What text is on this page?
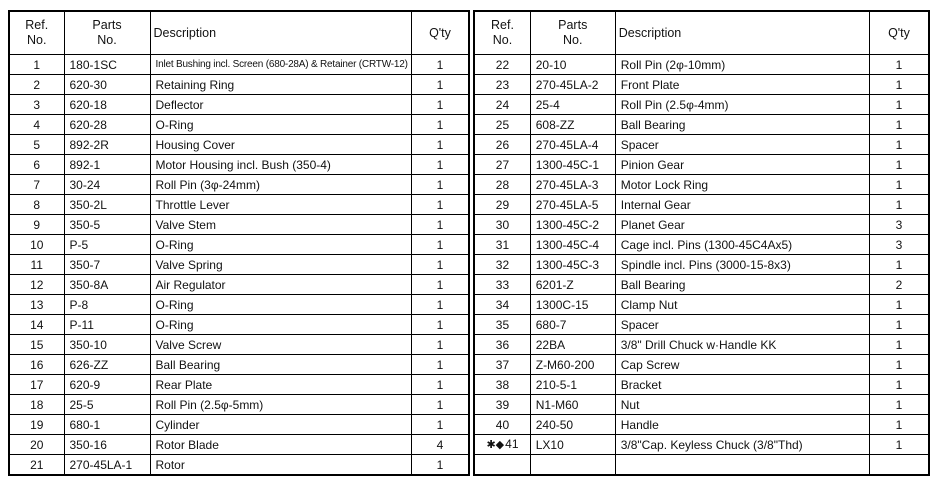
Ref.
No.	Parts
No.	Description	Q'ty
1	180-1SC	Inlet Bushing incl. Screen (680-28A) & Retainer (CRTW-12)	1
2	620-30	Retaining Ring	1
3	620-18	Deflector	1
4	620-28	O-Ring	1
5	892-2R	Housing Cover	1
6	892-1	Motor Housing incl. Bush (350-4)	1
7	30-24	Roll Pin (3φ-24mm)	1
8	350-2L	Throttle Lever	1
9	350-5	Valve Stem	1
10	P-5	O-Ring	1
11	350-7	Valve Spring	1
12	350-8A	Air Regulator	1
13	P-8	O-Ring	1
14	P-11	O-Ring	1
15	350-10	Valve Screw	1
16	626-ZZ	Ball Bearing	1
17	620-9	Rear Plate	1
18	25-5	Roll Pin (2.5φ-5mm)	1
19	680-1	Cylinder	1
20	350-16	Rotor Blade	4
21	270-45LA-1	Rotor	1
Ref.
No.	Parts
No.	Description	Q'ty
22	20-10	Roll Pin (2φ-10mm)	1
23	270-45LA-2	Front Plate	1
24	25-4	Roll Pin (2.5φ-4mm)	1
25	608-ZZ	Ball Bearing	1
26	270-45LA-4	Spacer	1
27	1300-45C-1	Pinion Gear	1
28	270-45LA-3	Motor Lock Ring	1
29	270-45LA-5	Internal Gear	1
30	1300-45C-2	Planet Gear	3
31	1300-45C-4	Cage incl. Pins (1300-45C4Ax5)	3
32	1300-45C-3	Spindle incl. Pins (3000-15-8x3)	1
33	6201-Z	Ball Bearing	2
34	1300C-15	Clamp Nut	1
35	680-7	Spacer	1
36	22BA	3/8" Drill Chuck w·Handle KK	1
37	Z-M60-200	Cap Screw	1
38	210-5-1	Bracket	1
39	N1-M60	Nut	1
40	240-50	Handle	1
✱◆41	LX10	3/8"Cap. Keyless Chuck (3/8"Thd)	1
